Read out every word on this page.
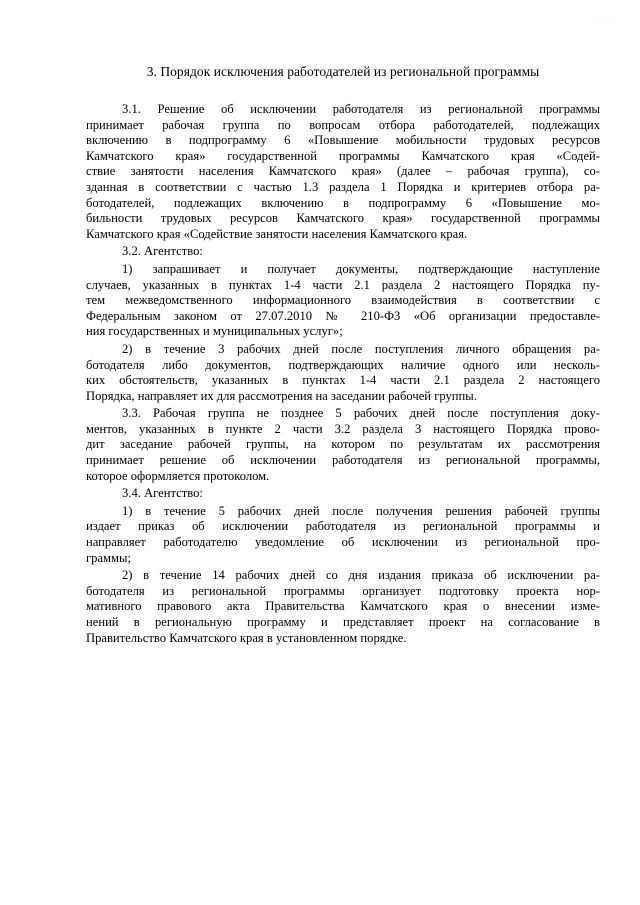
. . .
3. Порядок исключения работодателей из региональной программы

3.1. Решение об исключении работодателя из региональной программы
принимает рабочая группа по вопросам отбора работодателей, подлежащих
включению в подпрограмму 6 «Повышение мобильности трудовых ресурсов
Камчатского края» государственной программы Камчатского края «Содей-
ствие занятости населения Камчатского края» (далее – рабочая группа), со-
зданная в соответствии с частью 1.3 раздела 1 Порядка и критериев отбора ра-
ботодателей, подлежащих включению в подпрограмму 6 «Повышение мо-
бильности трудовых ресурсов Камчатского края» государственной программы
Камчатского края «Содействие занятости населения Камчатского края.

3.2. Агентство:

1) запрашивает и получает документы, подтверждающие наступление
случаев, указанных в пунктах 1-4 части 2.1 раздела 2 настоящего Порядка пу-
тем межведомственного информационного взаимодействия в соответствии с
Федеральным законом от 27.07.2010 № 210-ФЗ «Об организации предоставле-
ния государственных и муниципальных услуг»;

2) в течение 3 рабочих дней после поступления личного обращения ра-
ботодателя либо документов, подтверждающих наличие одного или несколь-
ких обстоятельств, указанных в пунктах 1-4 части 2.1 раздела 2 настоящего
Порядка, направляет их для рассмотрения на заседании рабочей группы.

3.3. Рабочая группа не позднее 5 рабочих дней после поступления доку-
ментов, указанных в пункте 2 части 3.2 раздела 3 настоящего Порядка прово-
дит заседание рабочей группы, на котором по результатам их рассмотрения
принимает решение об исключении работодателя из региональной программы,
которое оформляется протоколом.

3.4. Агентство:

1) в течение 5 рабочих дней после получения решения рабочей группы
издает приказ об исключении работодателя из региональной программы и
направляет работодателю уведомление об исключении из региональной про-
граммы;

2) в течение 14 рабочих дней со дня издания приказа об исключении ра-
ботодателя из региональной программы организует подготовку проекта нор-
мативного правового акта Правительства Камчатского края о внесении изме-
нений в региональную программу и представляет проект на согласование в
Правительство Камчатского края в установленном порядке.
